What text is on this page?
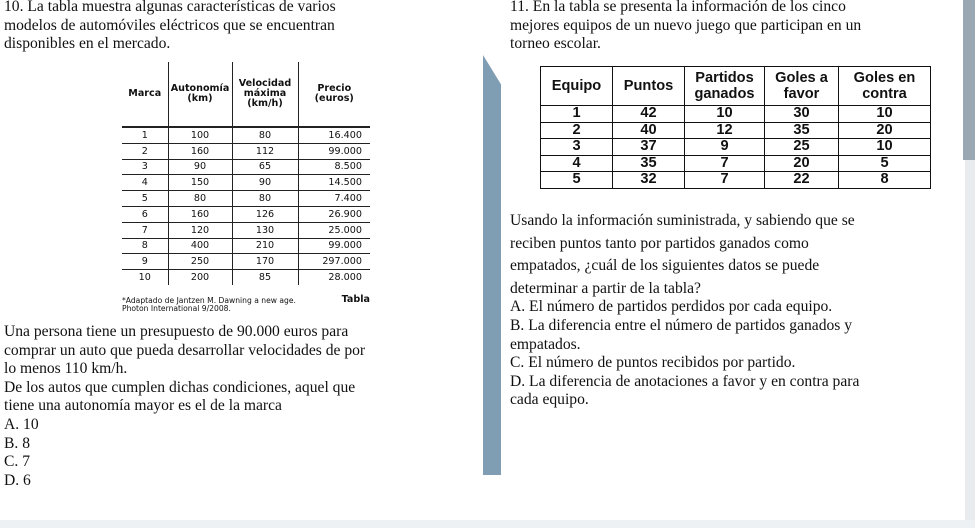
10. La tabla muestra algunas características de varios
modelos de automóviles eléctricos que se encuentran
disponibles en el mercado.
Marca	Autonomía (km)	Velocidad máxima (km/h)	Precio (euros)
1	100	80	16.400
2	160	112	99.000
3	90	65	8.500
4	150	90	14.500
5	80	80	7.400
6	160	126	26.900
7	120	130	25.000
8	400	210	99.000
9	250	170	297.000
10	200	85	28.000
*Adaptado de Jantzen M. Dawning a new age.
Photon International 9/2008.
Tabla
Una persona tiene un presupuesto de 90.000 euros para
comprar un auto que pueda desarrollar velocidades de por
lo menos 110 km/h.
De los autos que cumplen dichas condiciones, aquel que
tiene una autonomía mayor es el de la marca
A. 10
B. 8
C. 7
D. 6
11. En la tabla se presenta la información de los cinco
mejores equipos de un nuevo juego que participan en un
torneo escolar.
Equipo	Puntos	Partidos ganados	Goles a favor	Goles en contra
1	42	10	30	10
2	40	12	35	20
3	37	9	25	10
4	35	7	20	5
5	32	7	22	8
Usando la información suministrada, y sabiendo que se
reciben puntos tanto por partidos ganados como
empatados, ¿cuál de los siguientes datos se puede
determinar a partir de la tabla?
A. El número de partidos perdidos por cada equipo.
B. La diferencia entre el número de partidos ganados y
empatados.
C. El número de puntos recibidos por partido.
D. La diferencia de anotaciones a favor y en contra para
cada equipo.
